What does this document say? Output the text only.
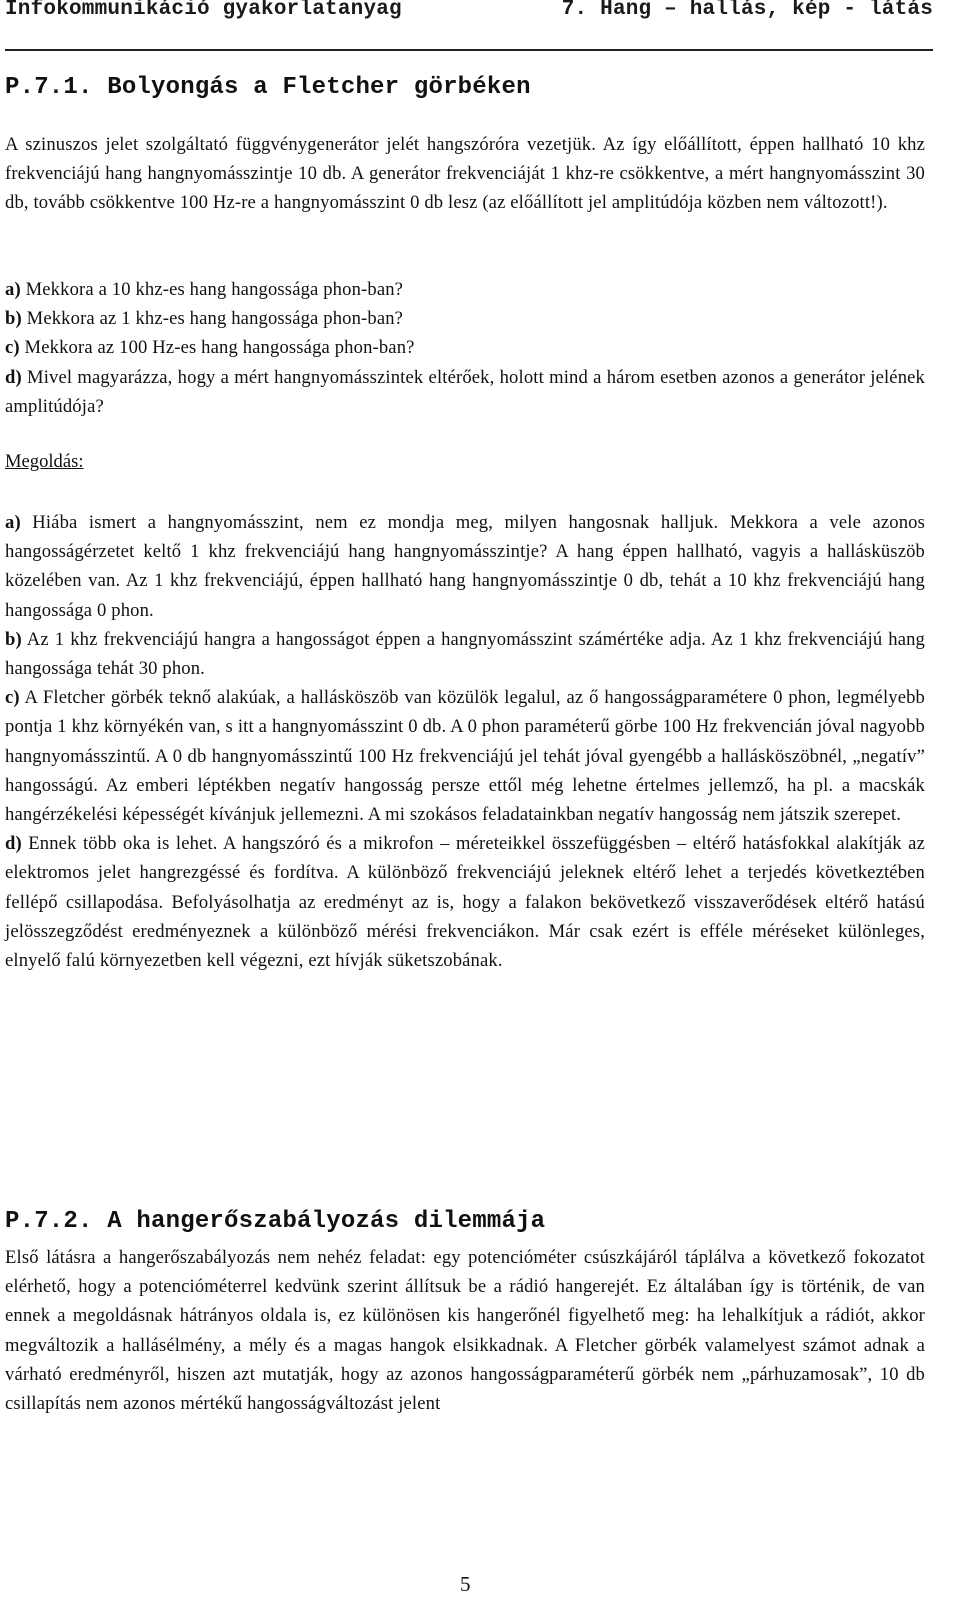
Infokommunikáció gyakorlatanyag	7. Hang – hallás, kép - látás
P.7.1. Bolyongás a Fletcher görbéken

A szinuszos jelet szolgáltató függvénygenerátor jelét hangszóróra vezetjük. Az így előállított, éppen hallható 10 khz frekvenciájú hang hangnyomásszintje 10 db. A generátor frekvenciáját 1 khz-re csökkentve, a mért hangnyomásszint 30 db, tovább csökkentve 100 Hz-re a hangnyomásszint 0 db lesz (az előállított jel amplitúdója közben nem változott!).

a) Mekkora a 10 khz-es hang hangossága phon-ban?

b) Mekkora az 1 khz-es hang hangossága phon-ban?

c) Mekkora az 100 Hz-es hang hangossága phon-ban?

d) Mivel magyarázza, hogy a mért hangnyomásszintek eltérőek, holott mind a három esetben azonos a generátor jelének amplitúdója?

Megoldás:

a) Hiába ismert a hangnyomásszint, nem ez mondja meg, milyen hangosnak halljuk. Mekkora a vele azonos hangosságérzetet keltő 1 khz frekvenciájú hang hangnyomásszintje? A hang éppen hallható, vagyis a hallásküszöb közelében van. Az 1 khz frekvenciájú, éppen hallható hang hangnyomásszintje 0 db, tehát a 10 khz frekvenciájú hang hangossága 0 phon.

b) Az 1 khz frekvenciájú hangra a hangosságot éppen a hangnyomásszint számértéke adja. Az 1 khz frekvenciájú hang hangossága tehát 30 phon.

c) A Fletcher görbék teknő alakúak, a hallásköszöb van közülök legalul, az ő hangosságparamétere 0 phon, legmélyebb pontja 1 khz környékén van, s itt a hangnyomásszint 0 db. A 0 phon paraméterű görbe 100 Hz frekvencián jóval nagyobb hangnyomásszintű. A 0 db hangnyomásszintű 100 Hz frekvenciájú jel tehát jóval gyengébb a hallásköszöbnél, „negatív” hangosságú. Az emberi léptékben negatív hangosság persze ettől még lehetne értelmes jellemző, ha pl. a macskák hangérzékelési képességét kívánjuk jellemezni. A mi szokásos feladatainkban negatív hangosság nem játszik szerepet.

d) Ennek több oka is lehet. A hangszóró és a mikrofon – méreteikkel összefüggésben – eltérő hatásfokkal alakítják az elektromos jelet hangrezgéssé és fordítva. A különböző frekvenciájú jeleknek eltérő lehet a terjedés következtében fellépő csillapodása. Befolyásolhatja az eredményt az is, hogy a falakon bekövetkező visszaverődések eltérő hatású jelösszegződést eredményeznek a különböző mérési frekvenciákon. Már csak ezért is efféle méréseket különleges, elnyelő falú környezetben kell végezni, ezt hívják süketszobának.

P.7.2. A hangerőszabályozás dilemmája

Első látásra a hangerőszabályozás nem nehéz feladat: egy potencióméter csúszkájáról táplálva a következő fokozatot elérhető, hogy a potencióméterrel kedvünk szerint állítsuk be a rádió hangerejét. Ez általában így is történik, de van ennek a megoldásnak hátrányos oldala is, ez különösen kis hangerőnél figyelhető meg: ha lehalkítjuk a rádiót, akkor megváltozik a hallásélmény, a mély és a magas hangok elsikkadnak. A Fletcher görbék valamelyest számot adnak a várható eredményről, hiszen azt mutatják, hogy az azonos hangosságparaméterű görbék nem „párhuzamosak”, 10 db csillapítás nem azonos mértékű hangosságváltozást jelent

5
